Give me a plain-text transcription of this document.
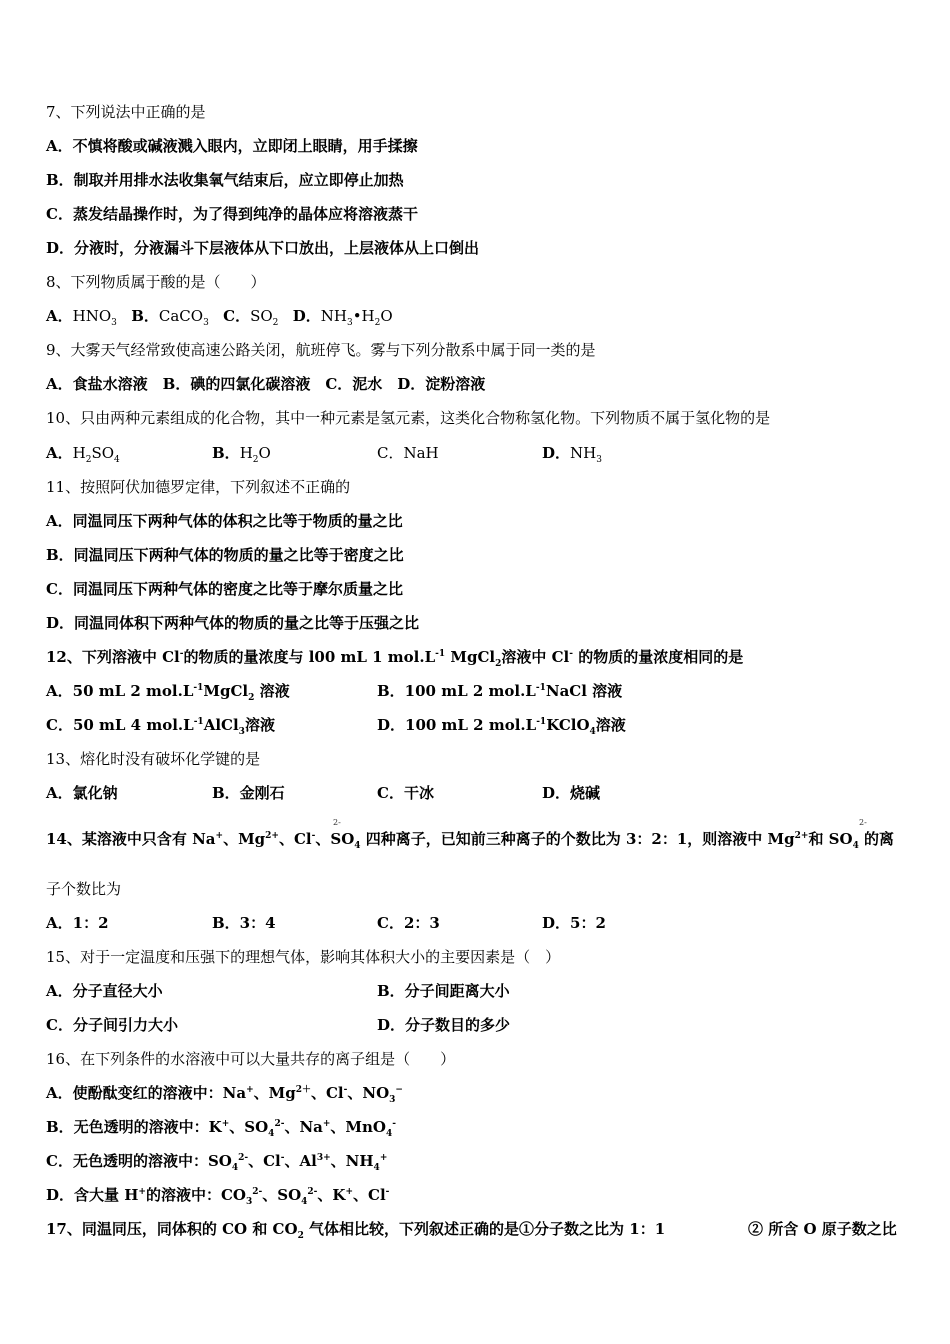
7、下列说法中正确的是
A．不慎将酸或碱液溅入眼内，立即闭上眼睛，用手揉擦
B．制取并用排水法收集氧气结束后，应立即停止加热
C．蒸发结晶操作时，为了得到纯净的晶体应将溶液蒸干
D．分液时，分液漏斗下层液体从下口放出，上层液体从上口倒出
8、下列物质属于酸的是（　　）
A．$HNO_3$ B．CaCO$_3$ C．$SO_2$ D．$NH_3•H_2O$
9、大雾天气经常致使高速公路关闭，航班停飞。雾与下列分散系中属于同一类的是
A．食盐水溶液　B．碘的四氯化碳溶液　C．泥水　D．淀粉溶液
10、只由两种元素组成的化合物，其中一种元素是氢元素，这类化合物称氢化物。下列物质不属于氢化物的是
A．$H_2SO_4$	B．$H_2O$	C．NaH	D．$NH_3$
11、按照阿伏加德罗定律，下列叙述不正确的
A．同温同压下两种气体的体积之比等于物质的量之比
B．同温同压下两种气体的物质的量之比等于密度之比
C．同温同压下两种气体的密度之比等于摩尔质量之比
D．同温同体积下两种气体的物质的量之比等于压强之比
12、下列溶液中 Cl-的物质的量浓度与 l00 mL 1 $mol.L^{-1}$ MgCl$_2$溶液中 Cl- 的物质的量浓度相同的是
A．50 mL 2 $mol.L^{-1}MgCl_2$ 溶液	B．100 mL 2 $mol.L^{-1}NaCl$ 溶液
C．50 mL 4 $mol.L^{-1}AlCl_3$溶液	D．100 mL 2 $mol.L^{-1}KClO_4$溶液
13、熔化时没有破坏化学键的是
A．氯化钠	B．金刚石	C．干冰	D．烧碱
2-	2-
14、某溶液中只含有 Na+、$Mg^{2+}$、Cl-、$SO_4$ 四种离子，已知前三种离子的个数比为 3：2：1，则溶液中 $Mg^{2+}$和 $SO_4$ 的离
子个数比为
A．1：2	B．3：4	C．2：3	D．5：2
15、对于一定温度和压强下的理想气体，影响其体积大小的主要因素是（　）
A．分子直径大小	B．分子间距离大小
C．分子间引力大小	D．分子数目的多少
16、在下列条件的水溶液中可以大量共存的离子组是（　　）
A．使酚酞变红的溶液中：Na+、$Mg^{2+}$、Cl-、$NO_3^-$
B．无色透明的溶液中：K+、$SO_4^{2-}$、Na+、MnO$_4$-
C．无色透明的溶液中：$SO_4^{2-}$、Cl-、$Al^{3+}$、$NH_4^+$
D．含大量 H+的溶液中：$CO_3^{2-}$、$SO_4^{2-}$、K+、Cl-
17、同温同压，同体积的 CO 和 $CO_2$ 气体相比较，下列叙述正确的是①分子数之比为 1：1	② 所含 O 原子数之比
